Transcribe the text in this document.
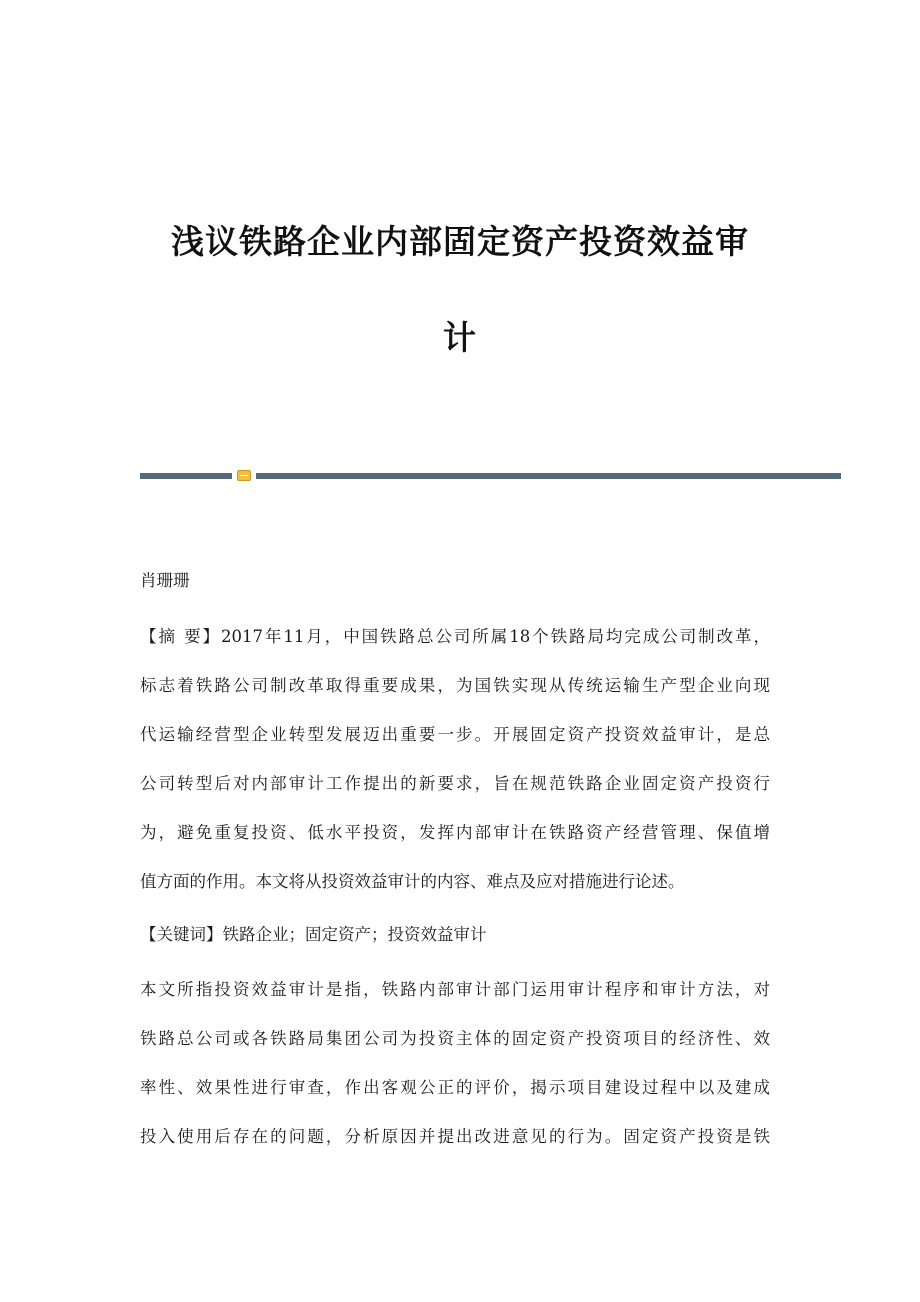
浅议铁路企业内部固定资产投资效益审
计
肖珊珊
【摘 要】2017年11月，中国铁路总公司所属18个铁路局均完成公司制改革，
标志着铁路公司制改革取得重要成果，为国铁实现从传统运输生产型企业向现
代运输经营型企业转型发展迈出重要一步。开展固定资产投资效益审计，是总
公司转型后对内部审计工作提出的新要求，旨在规范铁路企业固定资产投资行
为，避免重复投资、低水平投资，发挥内部审计在铁路资产经营管理、保值增
值方面的作用。本文将从投资效益审计的内容、难点及应对措施进行论述。
【关键词】铁路企业；固定资产；投资效益审计
本文所指投资效益审计是指，铁路内部审计部门运用审计程序和审计方法，对
铁路总公司或各铁路局集团公司为投资主体的固定资产投资项目的经济性、效
率性、效果性进行审查，作出客观公正的评价，揭示项目建设过程中以及建成
投入使用后存在的问题，分析原因并提出改进意见的行为。固定资产投资是铁
